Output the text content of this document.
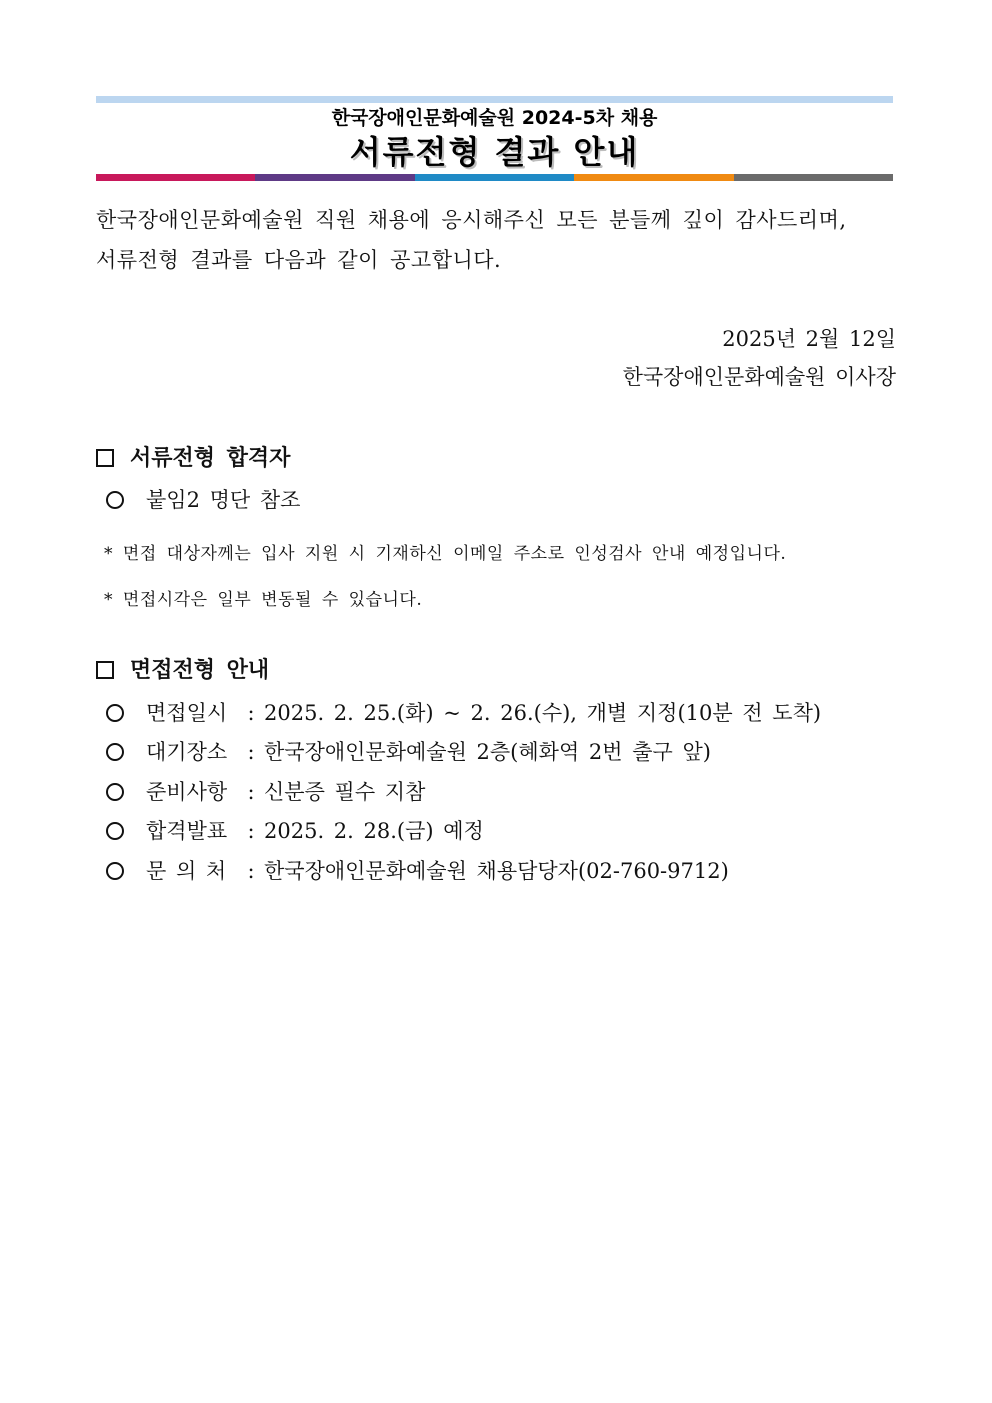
한국장애인문화예술원 2024-5차 채용
서류전형 결과 안내
한국장애인문화예술원 직원 채용에 응시해주신 모든 분들께 깊이 감사드리며,
서류전형 결과를 다음과 같이 공고합니다.
2025년 2월 12일
한국장애인문화예술원 이사장
서류전형 합격자
붙임2 명단 참조
* 면접 대상자께는 입사 지원 시 기재하신 이메일 주소로 인성검사 안내 예정입니다.
* 면접시각은 일부 변동될 수 있습니다.
면접전형 안내
면접일시 : 2025. 2. 25.(화) ~ 2. 26.(수), 개별 지정(10분 전 도착)
대기장소 : 한국장애인문화예술원 2층(혜화역 2번 출구 앞)
준비사항 : 신분증 필수 지참
합격발표 : 2025. 2. 28.(금) 예정
문 의 처	: 한국장애인문화예술원 채용담당자(02-760-9712)
